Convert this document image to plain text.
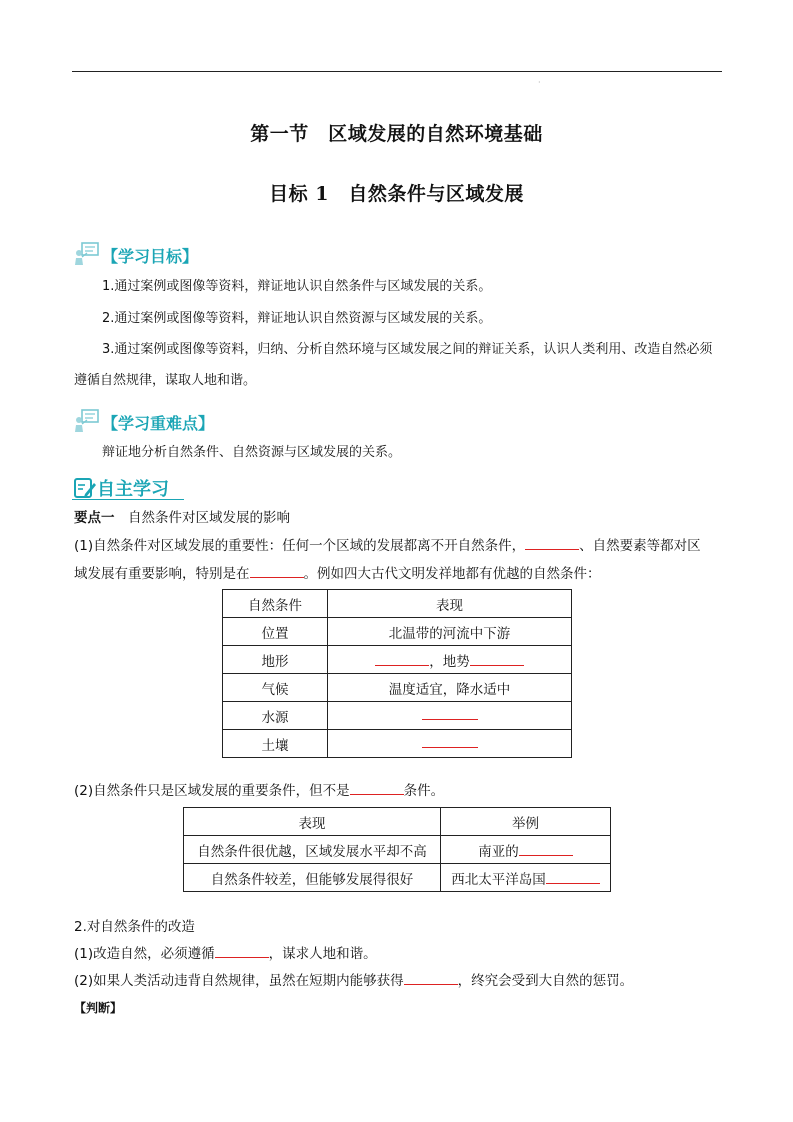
·
第一节　区域发展的自然环境基础
目标 1　自然条件与区域发展
【学习目标】
1.通过案例或图像等资料，辩证地认识自然条件与区域发展的关系。
2.通过案例或图像等资料，辩证地认识自然资源与区域发展的关系。
3.通过案例或图像等资料，归纳、分析自然环境与区域发展之间的辩证关系，认识人类利用、改造自然必须遵循自然规律，谋取人地和谐。
【学习重难点】
辩证地分析自然条件、自然资源与区域发展的关系。
自主学习
要点一　自然条件对区域发展的影响
(1)自然条件对区域发展的重要性：任何一个区域的发展都离不开自然条件，	、自然要素等都对区
域发展有重要影响，特别是在	。例如四大古代文明发祥地都有优越的自然条件：
自然条件	表现
位置	北温带的河流中下游
地形	，地势
气候	温度适宜，降水适中
水源	
土壤	
(2)自然条件只是区域发展的重要条件，但不是	条件。
表现	举例
自然条件很优越，区域发展水平却不高	南亚的
自然条件较差，但能够发展得很好	西北太平洋岛国
2.对自然条件的改造
(1)改造自然，必须遵循	，谋求人地和谐。
(2)如果人类活动违背自然规律，虽然在短期内能够获得	，终究会受到大自然的惩罚。
【判断】
